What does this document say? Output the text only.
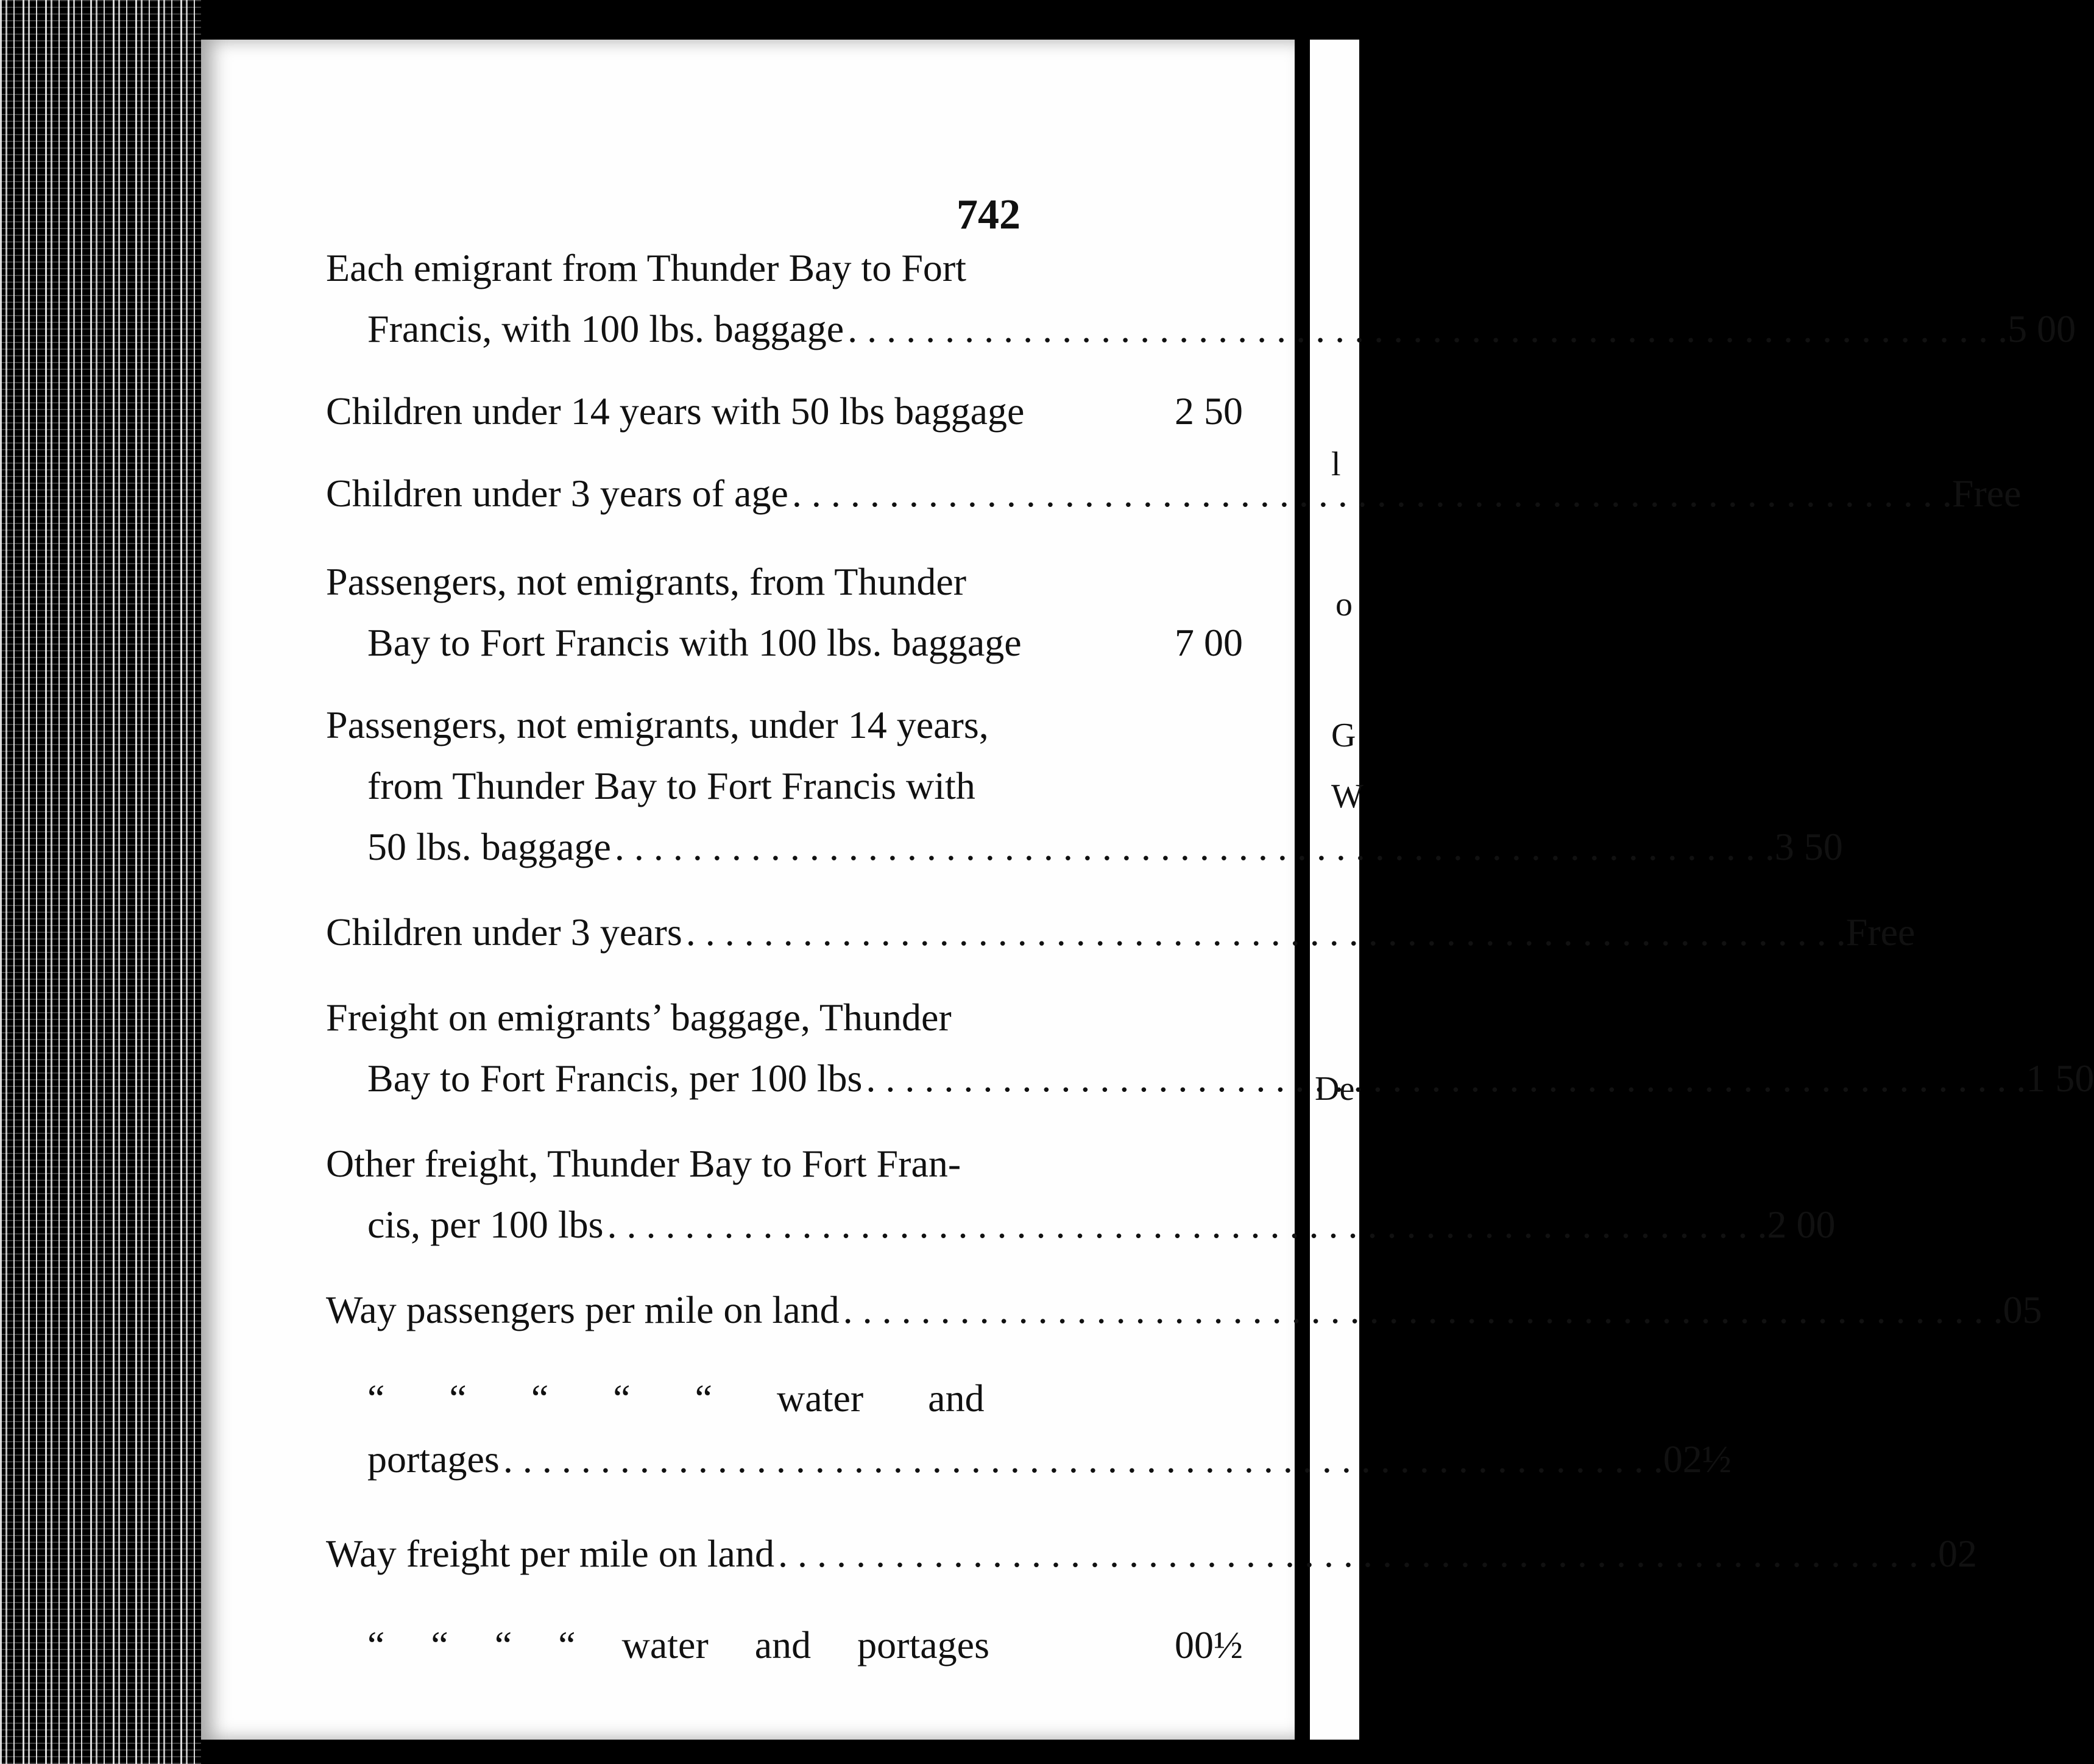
742
l
o
G
W
De
Each emigrant from Thunder Bay to Fort
Francis, with 100 lbs. baggage . . .	5 00
Children under 14 years with 50 lbs baggage	2 50
Children under 3 years of age . . .	Free
Passengers, not emigrants, from Thunder
Bay to Fort Francis with 100 lbs. baggage	7 00
Passengers, not emigrants, under 14 years,
from Thunder Bay to Fort Francis with
50 lbs. baggage . . .	3 50
Children under 3 years . . .	Free
Freight on emigrants’ baggage, Thunder
Bay to Fort Francis, per 100 lbs . . .	1 50
Other freight, Thunder Bay to Fort Fran-
cis, per 100 lbs . . .	2 00
Way passengers per mile on land . . .	05
“ “ “ “ “ water and
portages . . .	02½
Way freight per mile on land . . .	02
“ “ “ “ water and portages	00½
